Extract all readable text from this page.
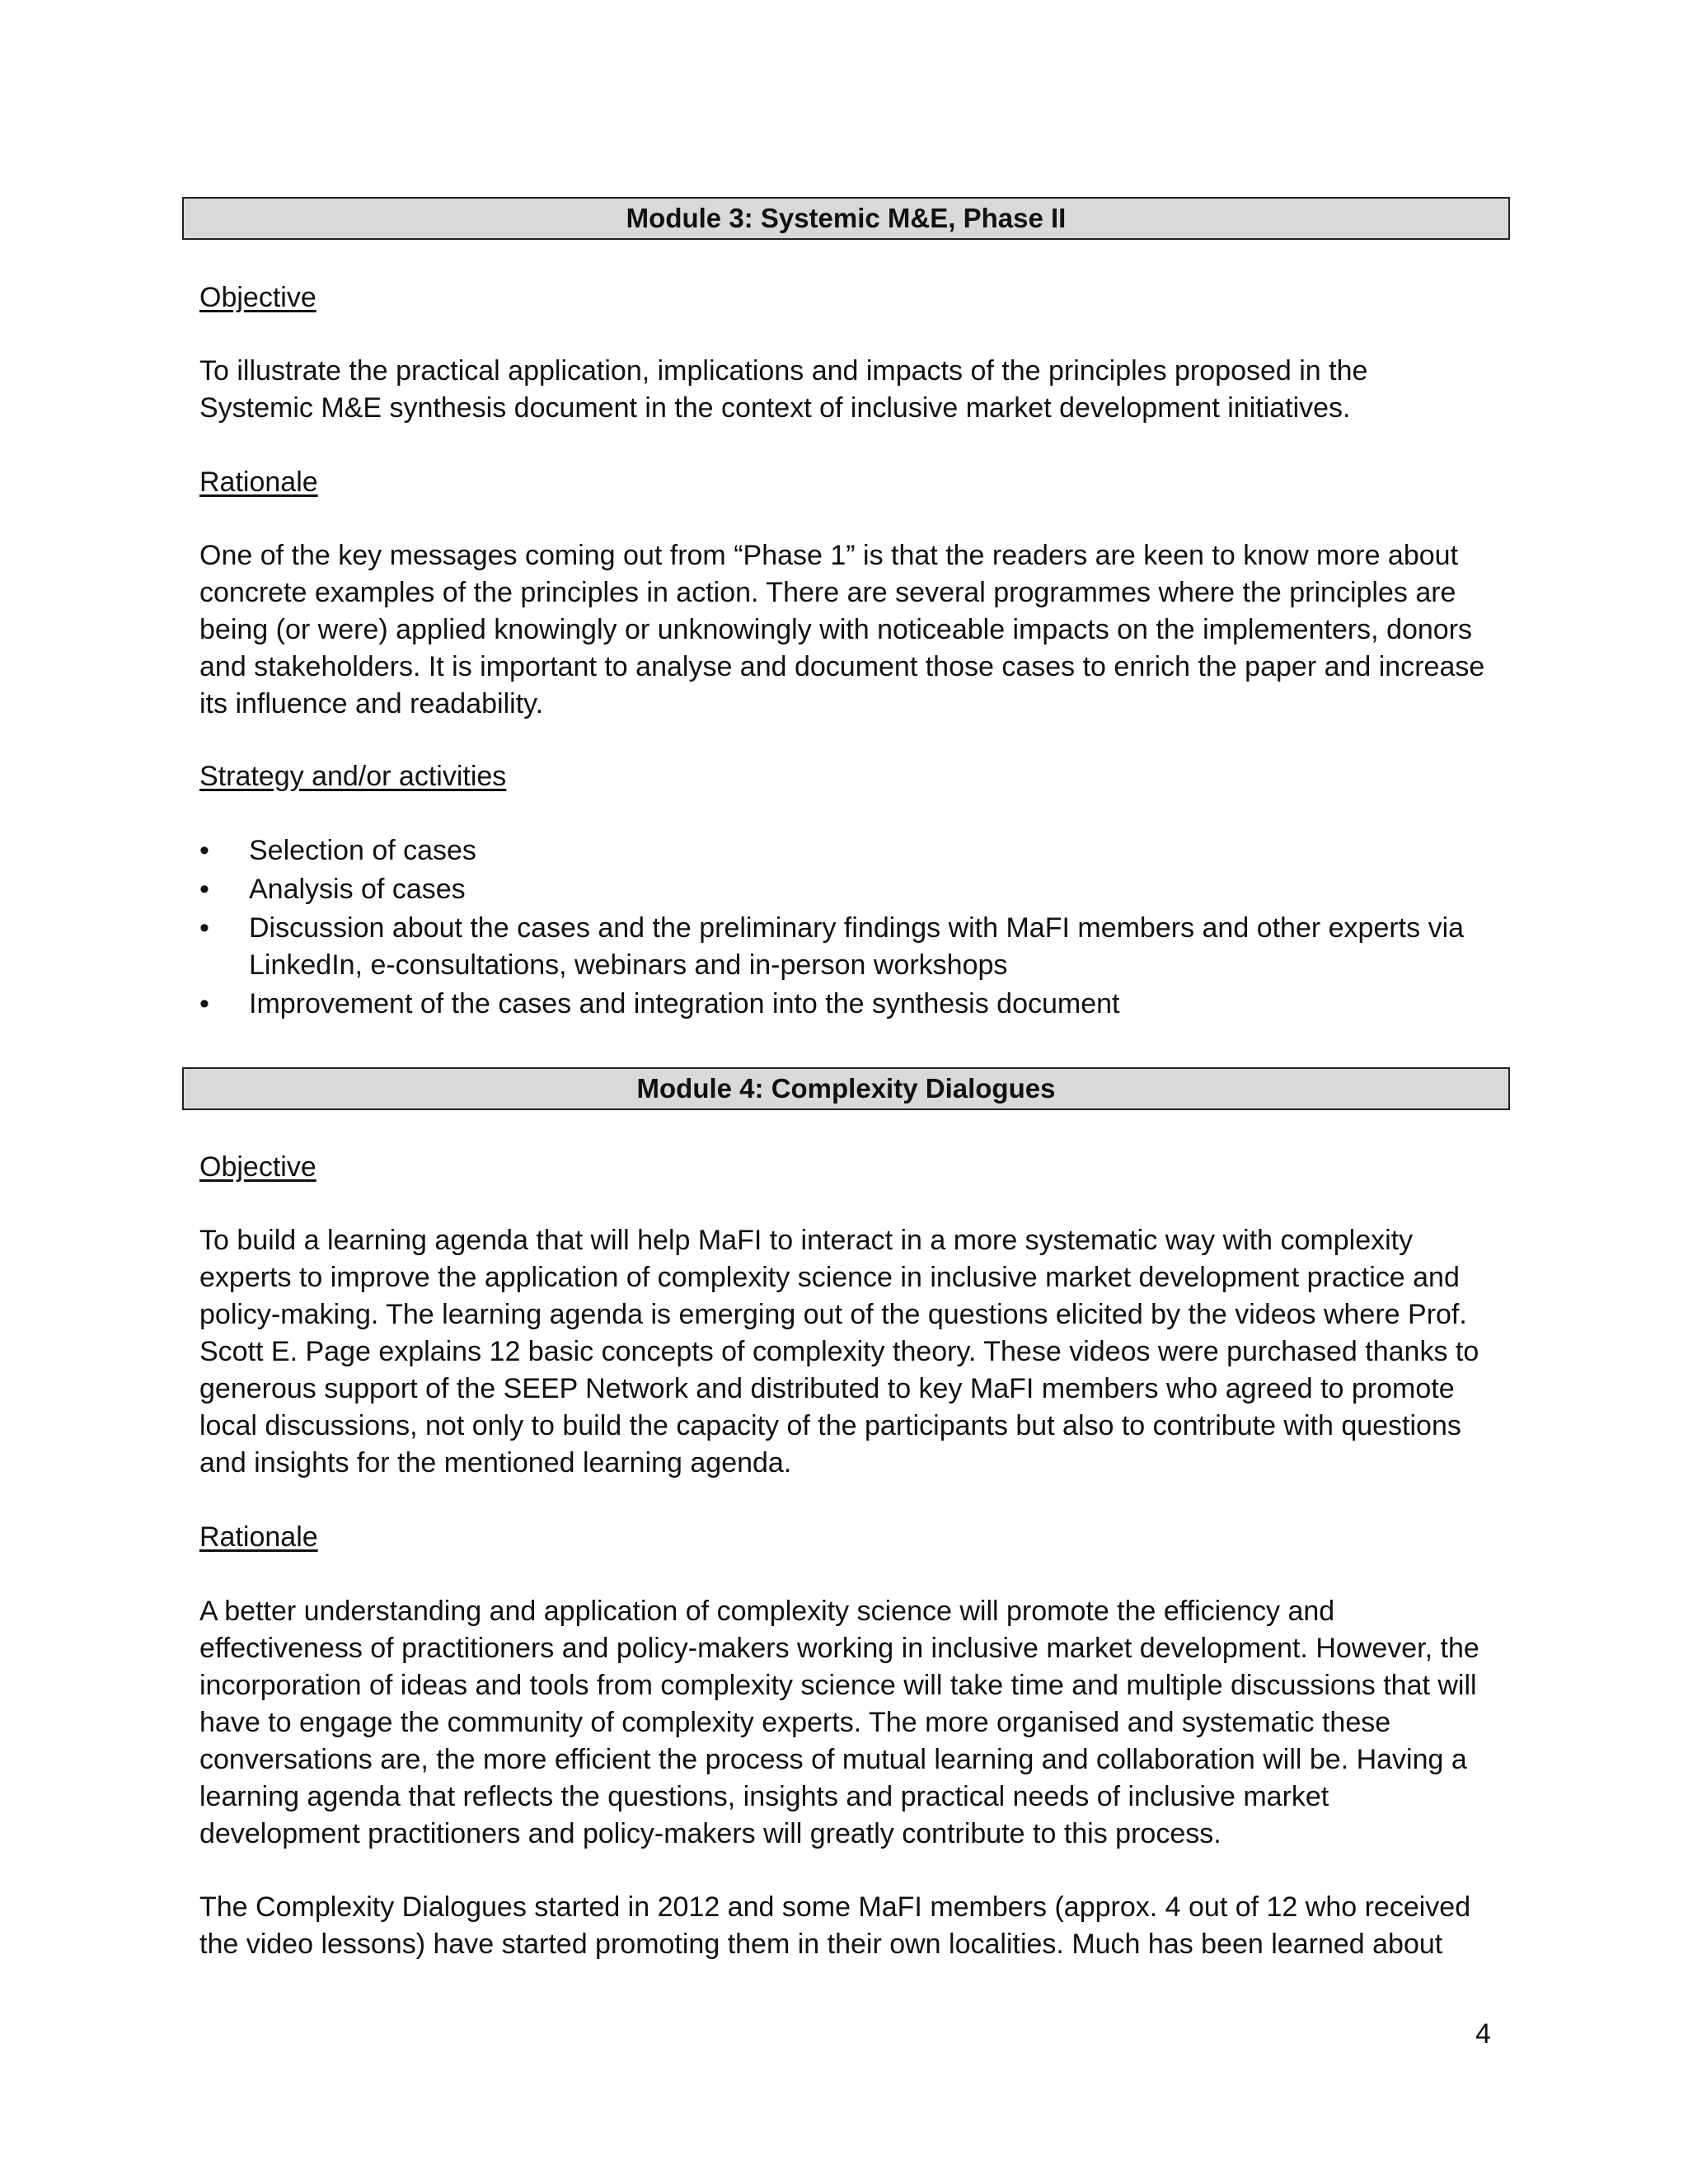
Module 3: Systemic M&E, Phase II

Objective

To illustrate the practical application, implications and impacts of the principles proposed in the
Systemic M&E synthesis document in the context of inclusive market development initiatives.

Rationale

One of the key messages coming out from “Phase 1” is that the readers are keen to know more about
concrete examples of the principles in action. There are several programmes where the principles are
being (or were) applied knowingly or unknowingly with noticeable impacts on the implementers, donors
and stakeholders. It is important to analyse and document those cases to enrich the paper and increase
its influence and readability.

Strategy and/or activities

• Selection of cases
• Analysis of cases
• Discussion about the cases and the preliminary findings with MaFI members and other experts via
LinkedIn, e-consultations, webinars and in-person workshops
• Improvement of the cases and integration into the synthesis document
Module 4: Complexity Dialogues

Objective

To build a learning agenda that will help MaFI to interact in a more systematic way with complexity
experts to improve the application of complexity science in inclusive market development practice and
policy-making. The learning agenda is emerging out of the questions elicited by the videos where Prof.
Scott E. Page explains 12 basic concepts of complexity theory. These videos were purchased thanks to
generous support of the SEEP Network and distributed to key MaFI members who agreed to promote
local discussions, not only to build the capacity of the participants but also to contribute with questions
and insights for the mentioned learning agenda.

Rationale

A better understanding and application of complexity science will promote the efficiency and
effectiveness of practitioners and policy-makers working in inclusive market development. However, the
incorporation of ideas and tools from complexity science will take time and multiple discussions that will
have to engage the community of complexity experts. The more organised and systematic these
conversations are, the more efficient the process of mutual learning and collaboration will be. Having a
learning agenda that reflects the questions, insights and practical needs of inclusive market
development practitioners and policy-makers will greatly contribute to this process.

The Complexity Dialogues started in 2012 and some MaFI members (approx. 4 out of 12 who received
the video lessons) have started promoting them in their own localities. Much has been learned about

4
